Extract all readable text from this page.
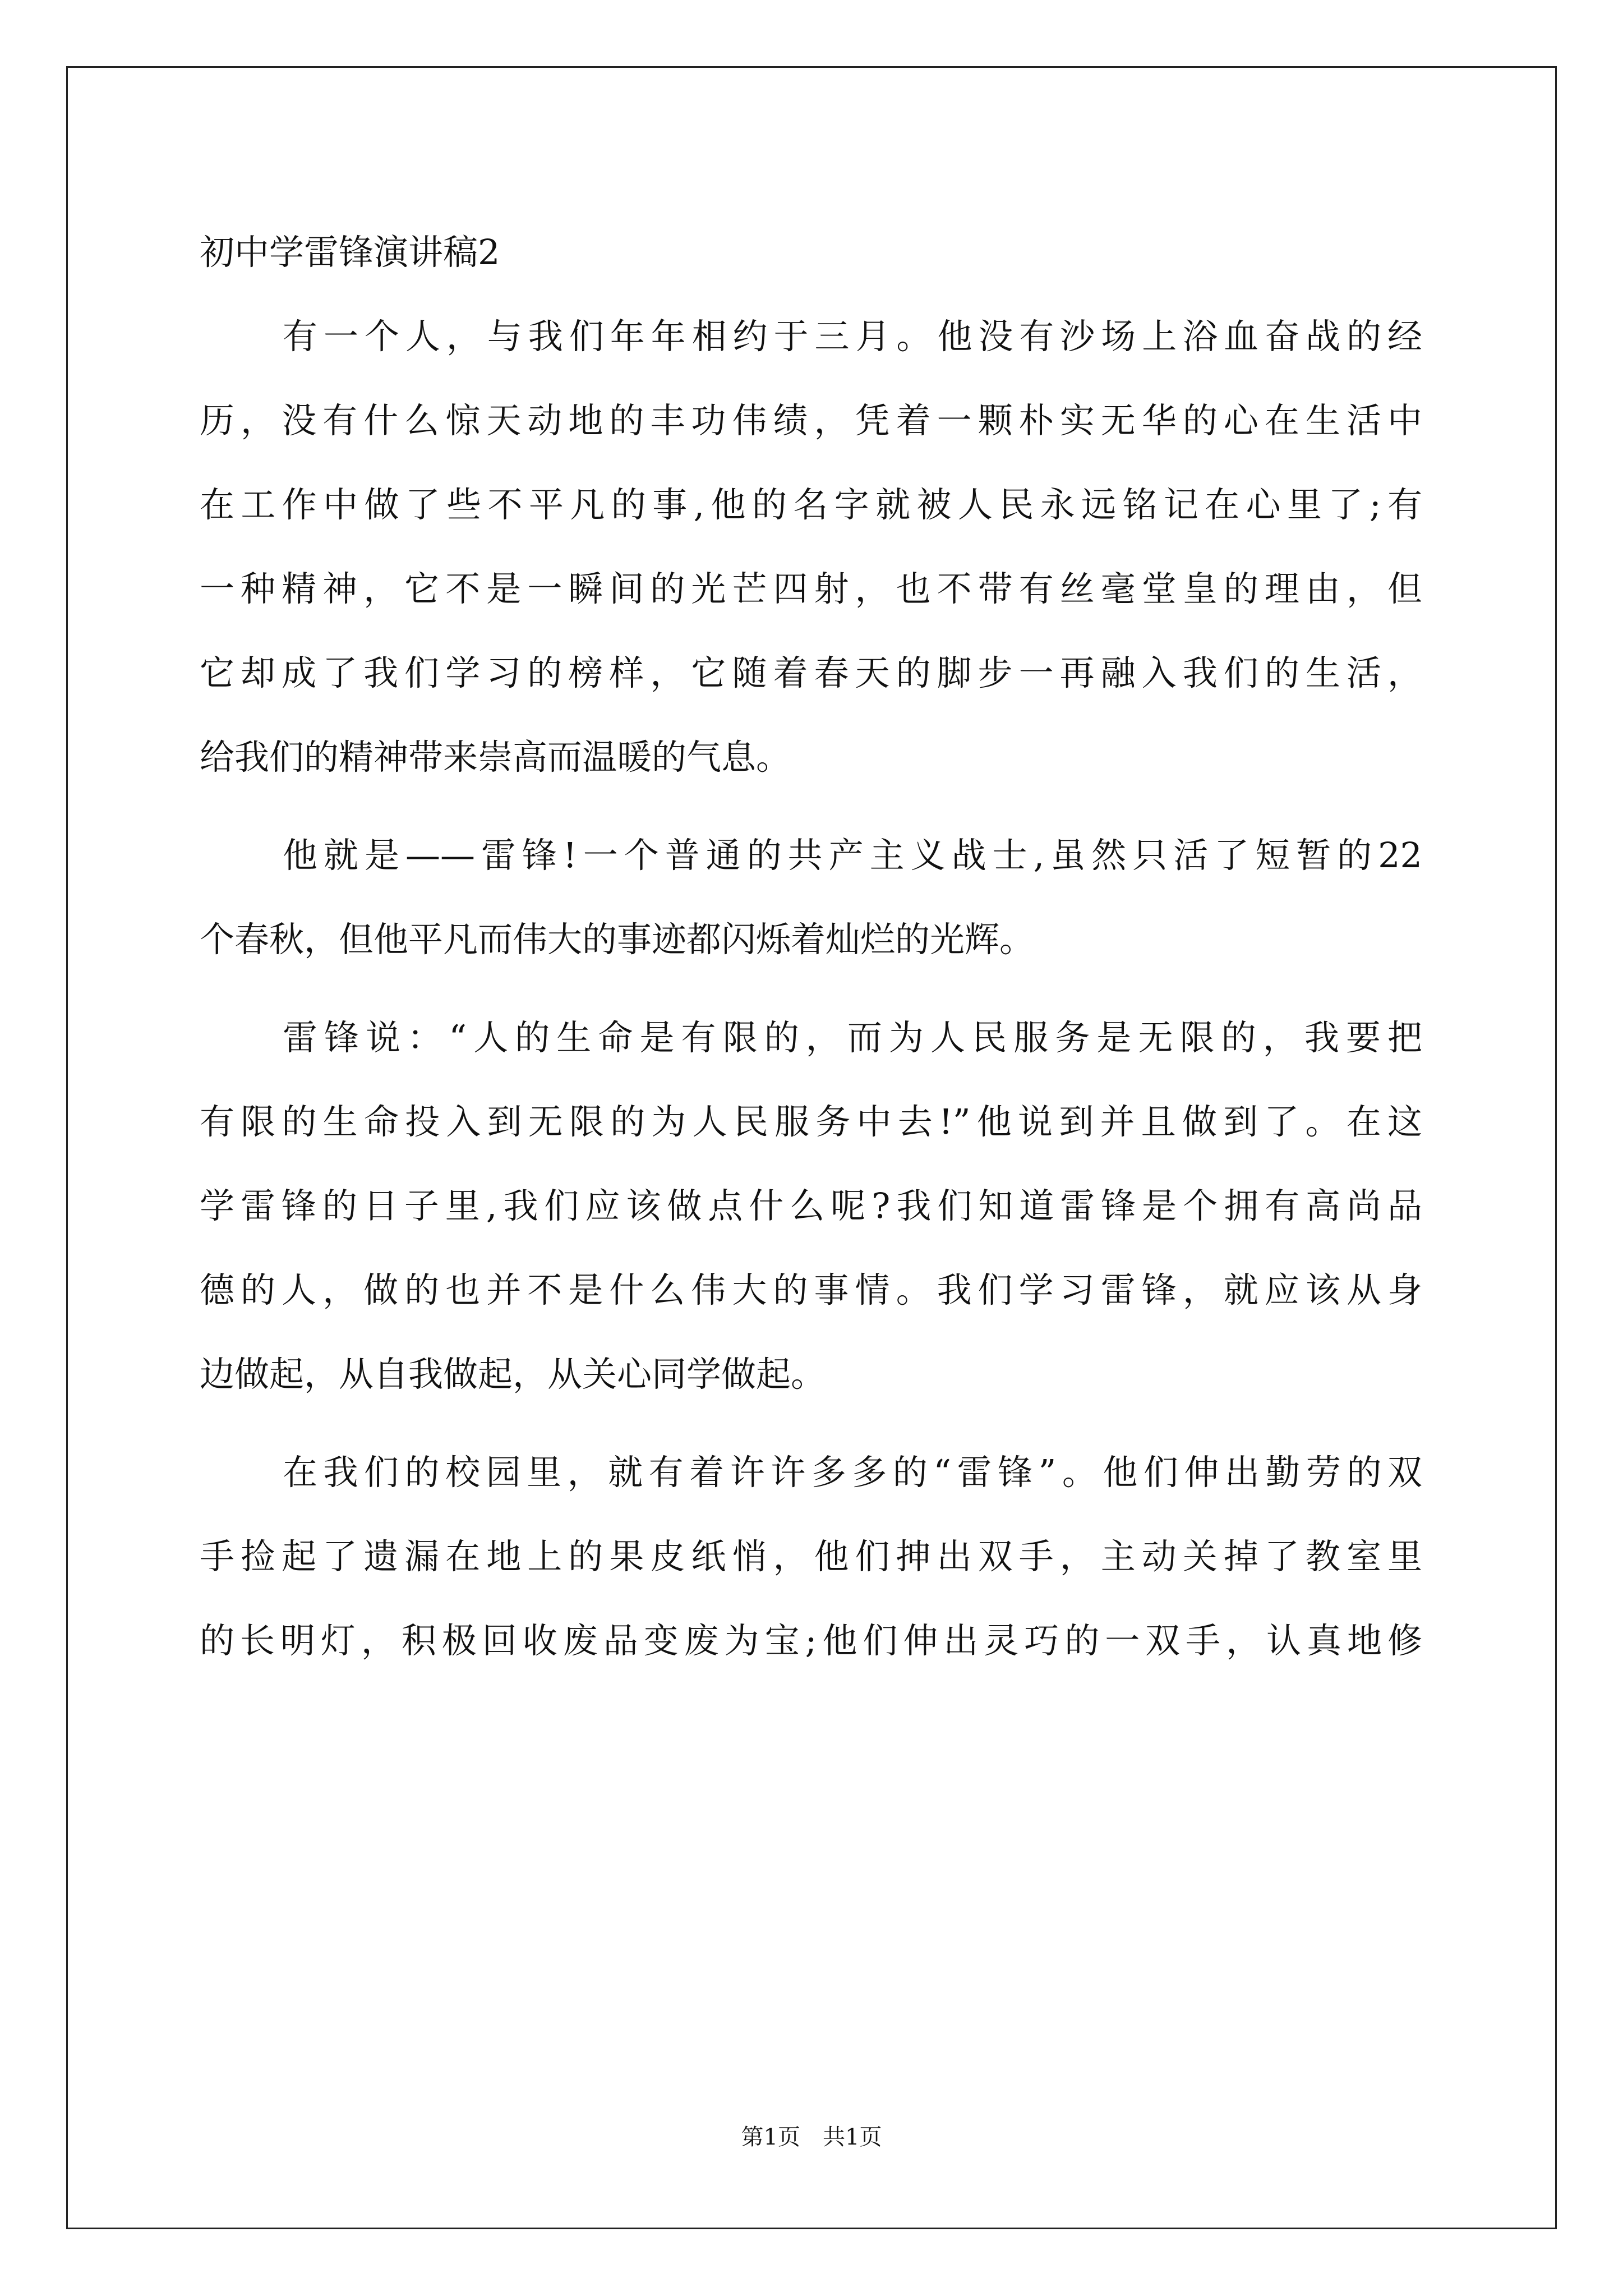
初中学雷锋演讲稿2
有一个人，与我们年年相约于三月。他没有沙场上浴血奋战的经
历，没有什么惊天动地的丰功伟绩，凭着一颗朴实无华的心在生活中
在工作中做了些不平凡的事,他的名字就被人民永远铭记在心里了;有
一种精神，它不是一瞬间的光芒四射，也不带有丝毫堂皇的理由，但
它却成了我们学习的榜样，它随着春天的脚步一再融入我们的生活，
给我们的精神带来崇高而温暖的气息。
他就是——雷锋!一个普通的共产主义战士,虽然只活了短暂的22
个春秋，但他平凡而伟大的事迹都闪烁着灿烂的光辉。
雷锋说：“人的生命是有限的，而为人民服务是无限的，我要把
有限的生命投入到无限的为人民服务中去!”他说到并且做到了。在这
学雷锋的日子里,我们应该做点什么呢?我们知道雷锋是个拥有高尚品
德的人，做的也并不是什么伟大的事情。我们学习雷锋，就应该从身
边做起，从自我做起，从关心同学做起。
在我们的校园里，就有着许许多多的“雷锋”。他们伸出勤劳的双
手捡起了遗漏在地上的果皮纸悄，他们抻出双手，主动关掉了教室里
的长明灯，积极回收废品变废为宝;他们伸出灵巧的一双手，认真地修
第1页　共1页
